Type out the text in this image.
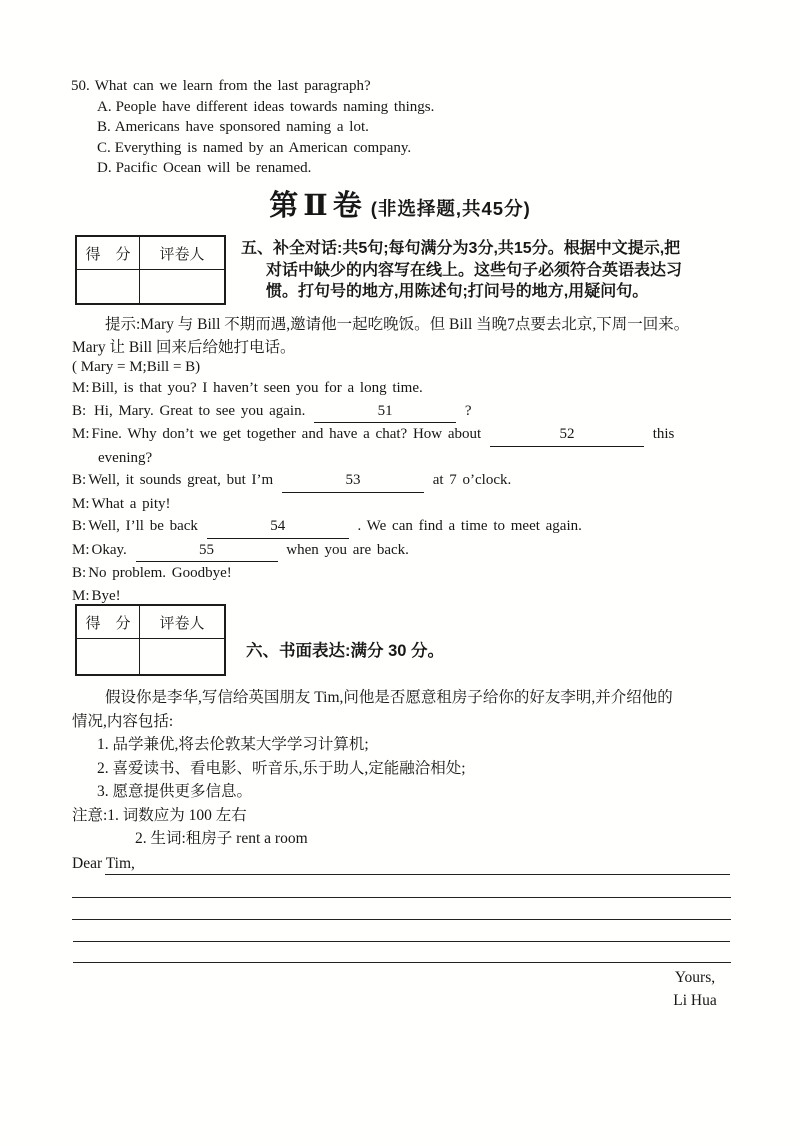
50. What can we learn from the last paragraph?
A. People have different ideas towards naming things.
B. Americans have sponsored naming a lot.
C. Everything is named by an American company.
D. Pacific Ocean will be renamed.
第Ⅱ卷 (非选择题,共45分)
得　分	评卷人	五、补全对话:共5句;每句满分为3分,共15分。根据中文提示,把
对话中缺少的内容写在线上。这些句子必须符合英语表达习
惯。打句号的地方,用陈述句;打问号的地方,用疑问句。
提示:Mary 与 Bill 不期而遇,邀请他一起吃晚饭。但 Bill 当晚7点要去北京,下周一回来。
Mary 让 Bill 回来后给她打电话。
( Mary = M;Bill = B)
M: Bill, is that you? I haven’t seen you for a long time.
B: Hi, Mary. Great to see you again.	51	?
M: Fine. Why don’t we get together and have a chat? How about	52	this
evening?
B: Well, it sounds great, but I’m	53	at 7 o’clock.
M: What a pity!
B: Well, I’ll be back	54	. We can find a time to meet again.
M: Okay.	55	when you are back.
B: No problem. Goodbye!
M: Bye!
得　分	评卷人
六、书面表达:满分 30 分。
假设你是李华,写信给英国朋友 Tim,问他是否愿意租房子给你的好友李明,并介绍他的
情况,内容包括:
1. 品学兼优,将去伦敦某大学学习计算机;
2. 喜爱读书、看电影、听音乐,乐于助人,定能融洽相处;
3. 愿意提供更多信息。
注意:1. 词数应为 100 左右
2. 生词:租房子 rent a room
Dear Tim,
Yours,
Li Hua
